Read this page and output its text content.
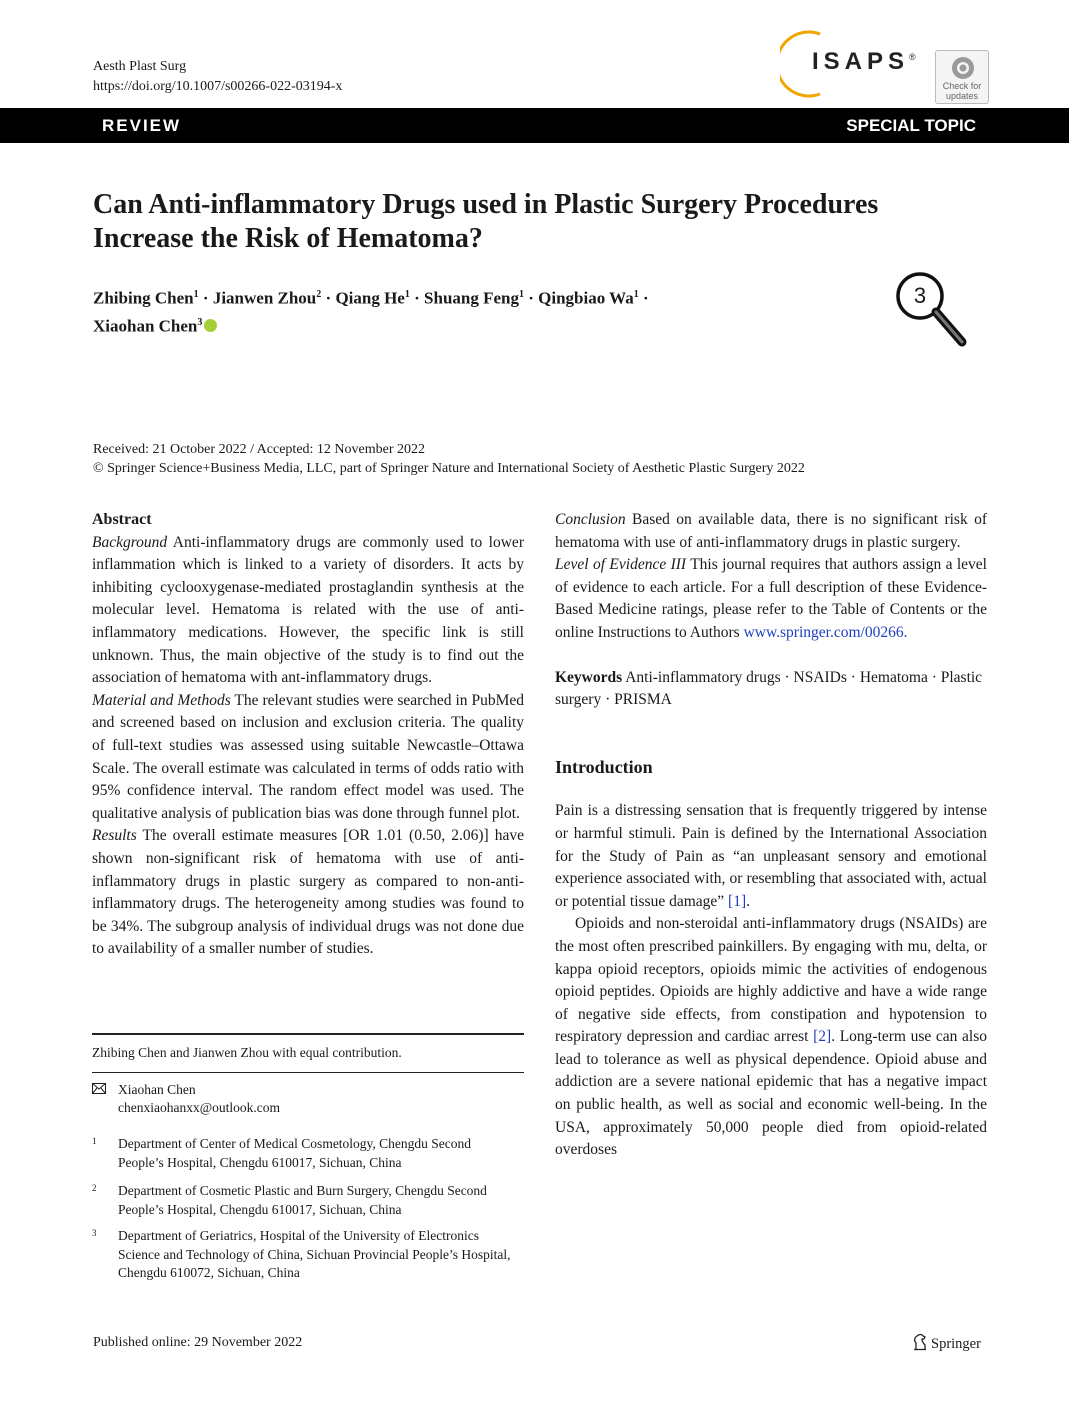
Aesth Plast Surg
https://doi.org/10.1007/s00266-022-03194-x
ISAPS®
Check for updates
REVIEW	SPECIAL TOPIC
Can Anti-inflammatory Drugs used in Plastic Surgery Procedures
Increase the Risk of Hematoma?
Zhibing Chen$^1$ · Jianwen Zhou$^2$ · Qiang $He^1$ · Shuang Feng$^1$ · Qingbiao $Wa^1$ ·
Xiaohan Chen$^3$
3
Received: 21 October 2022 / Accepted: 12 November 2022
© Springer Science+Business Media, LLC, part of Springer Nature and International Society of Aesthetic Plastic Surgery 2022
Abstract

Background Anti-inflammatory drugs are commonly used to lower inflammation which is linked to a variety of disorders. It acts by inhibiting cyclooxygenase-mediated prostaglandin synthesis at the molecular level. Hematoma is related with the use of anti-inflammatory medications. However, the specific link is still unknown. Thus, the main objective of the study is to find out the association of hematoma with ant-inflammatory drugs.

Material and Methods The relevant studies were searched in PubMed and screened based on inclusion and exclusion criteria. The quality of full-text studies was assessed using suitable Newcastle–Ottawa Scale. The overall estimate was calculated in terms of odds ratio with 95% confidence interval. The random effect model was used. The qualitative analysis of publication bias was done through funnel plot.

Results The overall estimate measures [OR 1.01 (0.50, 2.06)] have shown non-significant risk of hematoma with use of anti-inflammatory drugs in plastic surgery as compared to non-anti-inflammatory drugs. The heterogeneity among studies was found to be 34%. The subgroup analysis of individual drugs was not done due to availability of a smaller number of studies.

Conclusion Based on available data, there is no significant risk of hematoma with use of anti-inflammatory drugs in plastic surgery.

Level of Evidence III This journal requires that authors assign a level of evidence to each article. For a full description of these Evidence-Based Medicine ratings, please refer to the Table of Contents or the online Instructions to Authors www.springer.com/00266.

Keywords Anti-inflammatory drugs · NSAIDs · Hematoma · Plastic surgery · PRISMA

Introduction

Pain is a distressing sensation that is frequently triggered by intense or harmful stimuli. Pain is defined by the International Association for the Study of Pain as “an unpleasant sensory and emotional experience associated with, or resembling that associated with, actual or potential tissue damage” [1].

Opioids and non-steroidal anti-inflammatory drugs (NSAIDs) are the most often prescribed painkillers. By engaging with mu, delta, or kappa opioid receptors, opioids mimic the activities of endogenous opioid peptides. Opioids are highly addictive and have a wide range of negative side effects, from constipation and hypotension to respiratory depression and cardiac arrest [2]. Long-term use can also lead to tolerance as well as physical dependence. Opioid abuse and addiction are a severe national epidemic that has a negative impact on public health, as well as social and economic well-being. In the USA, approximately 50,000 people died from opioid-related overdoses

Zhibing Chen and Jianwen Zhou with equal contribution.
Xiaohan Chen
chenxiaohanxx@outlook.com
1 Department of Center of Medical Cosmetology, Chengdu Second People’s Hospital, Chengdu 610017, Sichuan, China
2 Department of Cosmetic Plastic and Burn Surgery, Chengdu Second People’s Hospital, Chengdu 610017, Sichuan, China
3 Department of Geriatrics, Hospital of the University of Electronics Science and Technology of China, Sichuan Provincial People’s Hospital, Chengdu 610072, Sichuan, China
Published online: 29 November 2022	Springer
